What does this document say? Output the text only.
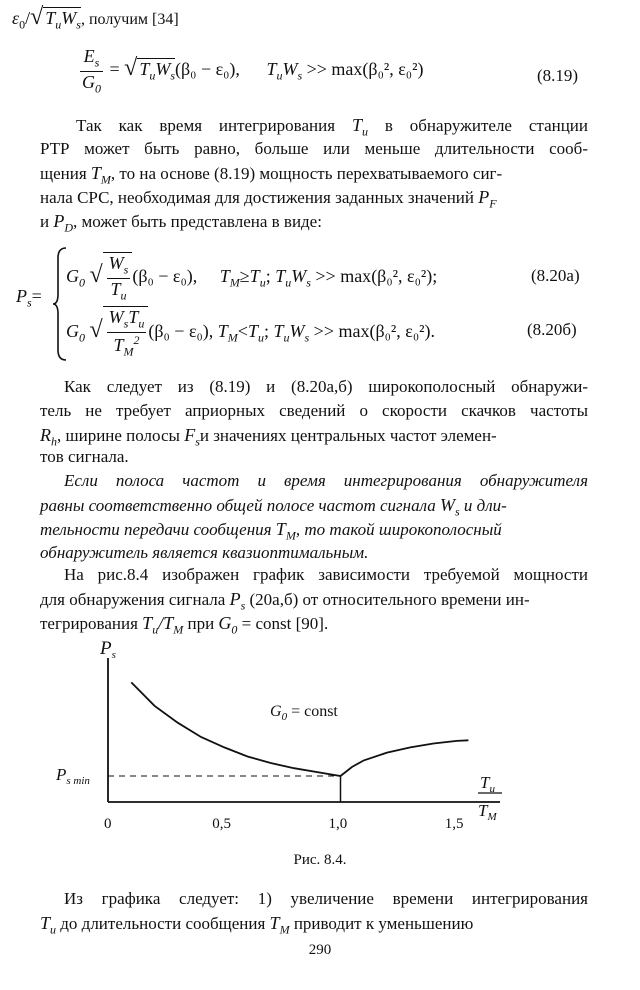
$\varepsilon_0/√$ $T_иW_s$, получим [34]
$\frac{E_s}{G_0}$ = √ $T_иW_s(\beta_0 - \varepsilon_0)$, $T_иW_s >> \max(\beta_0^2$, ε₀²)	(8.19)
Так как время интегрирования $T_и$ в обнаружителе станции
РТР может быть равно, больше или меньше длительности сооб-
щения $T_M$, то на основе (8.19) мощность перехватываемого сиг-
нала СРС, необходимая для достижения заданных значений $P_F$
и $P_D$, может быть представлена в виде:
$P_s=$
$G_0$ √ $\frac{W_s}{T_и} (\beta_0 - \varepsilon_0)$, $T_M\ge T_и$; $T_иW_s >> \max(\beta_0^2$, ε₀²);	(8.20a)
$G_0$ √ $\frac{W_sT_и}{T_M^2} (\beta_0 - \varepsilon_0)$, $T_M<T_и$; $T_иW_s >> \max(\beta_0^2$, ε₀²).	(8.20б)
Как следует из (8.19) и (8.20а,б) широкополосный обнаружи-
тель не требует априорных сведений о скорости скачков частоты
$R_h$, ширине полосы $F_sи$ значениях центральных частот элемен-
тов сигнала.
Если полоса частот и время интегрирования обнаружителя
равны соответственно общей полосе частот сигнала $W_s$ и дли-
тельности передачи сообщения $T_M$, то такой широкополосный
обнаружитель является квазиоптимальным.
На рис.8.4 изображен график зависимости требуемой мощности
для обнаружения сигнала $P_s$ (20а,б) от относительного времени ин-
тегрирования $T_и/T_M$ при $G_0$ = const [90].
$P_s$
$T_и$
$T_M$
0	0,5	1,0	1,5
$P_{s min}$
$G_0$ = const
Рис. 8.4.
Из графика следует: 1) увеличение времени интегрирования
$T_и$ до длительности сообщения $T_M$ приводит к уменьшению
290
